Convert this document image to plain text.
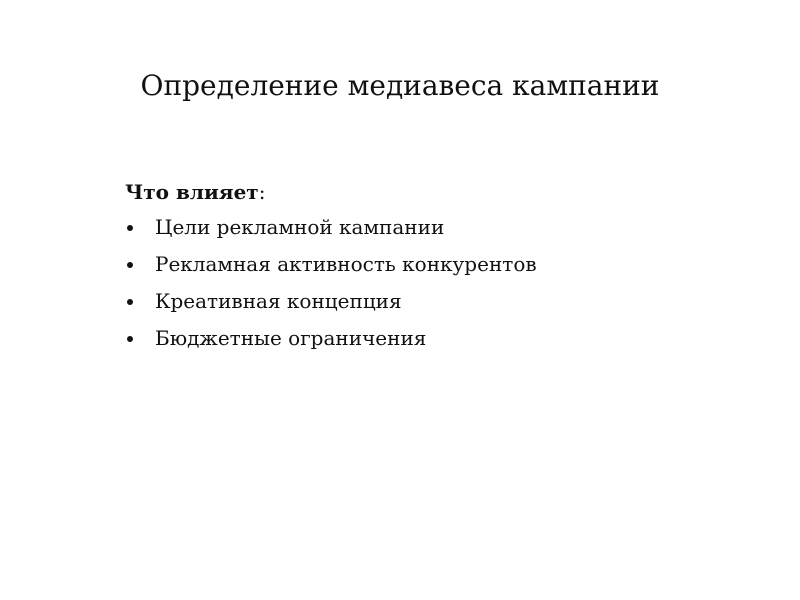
Определение медиавеса кампании

Что влияет:

Цели рекламной кампании
Рекламная активность конкурентов
Креативная концепция
Бюджетные ограничения
